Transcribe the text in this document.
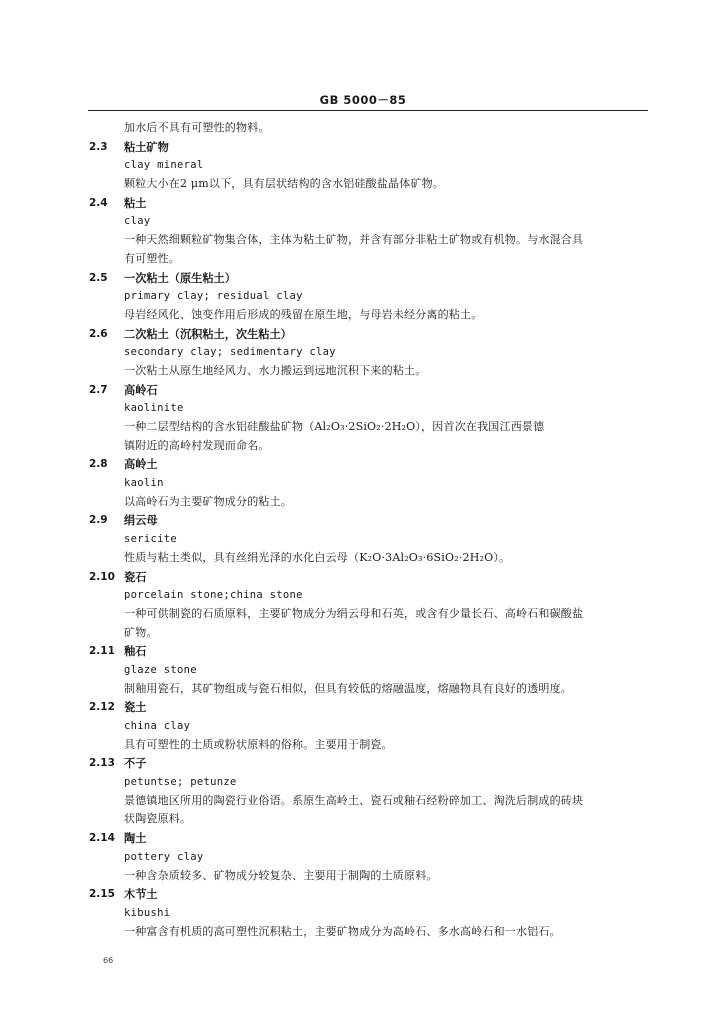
GB 5000－85
加水后不具有可塑性的物料。
2.3 粘土矿物
clay mineral
颗粒大小在2 μm以下，具有层状结构的含水铝硅酸盐晶体矿物。
2.4 粘土
clay
一种天然细颗粒矿物集合体，主体为粘土矿物，并含有部分非粘土矿物或有机物。与水混合具
有可塑性。
2.5 一次粘土（原生粘土）
primary clay; residual clay
母岩经风化、蚀变作用后形成的残留在原生地，与母岩未经分离的粘土。
2.6 二次粘土（沉积粘土，次生粘土）
secondary clay; sedimentary clay
一次粘土从原生地经风力、水力搬运到远地沉积下来的粘土。
2.7 高岭石
kaolinite
一种二层型结构的含水铝硅酸盐矿物（Al₂O₃·2SiO₂·2H₂O），因首次在我国江西景德
镇附近的高岭村发现而命名。
2.8 高岭土
kaolin
以高岭石为主要矿物成分的粘土。
2.9 绢云母
sericite
性质与粘土类似，具有丝绢光泽的水化白云母（K₂O·3Al₂O₃·6SiO₂·2H₂O）。
2.10 瓷石
porcelain stone;china stone
一种可供制瓷的石质原料，主要矿物成分为绢云母和石英，或含有少量长石、高岭石和碳酸盐
矿物。
2.11 釉石
glaze stone
制釉用瓷石，其矿物组成与瓷石相似，但具有较低的熔融温度，熔融物具有良好的透明度。
2.12 瓷土
china clay
具有可塑性的土质或粉状原料的俗称。主要用于制瓷。
2.13 不子
petuntse; petunze
景德镇地区所用的陶瓷行业俗语。系原生高岭土、瓷石或釉石经粉碎加工、淘洗后制成的砖块
状陶瓷原料。
2.14 陶土
pottery clay
一种含杂质较多、矿物成分较复杂、主要用于制陶的土质原料。
2.15 木节土
kibushi
一种富含有机质的高可塑性沉积粘土，主要矿物成分为高岭石、多水高岭石和一水铝石。
66
